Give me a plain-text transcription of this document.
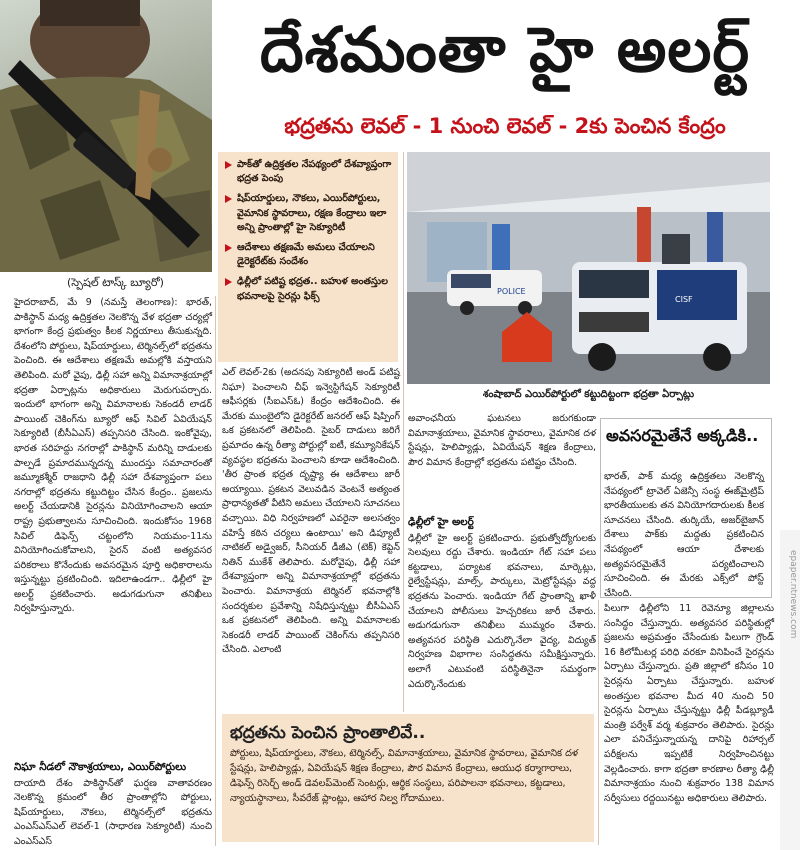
దేశమంతా హై అలర్ట్
భద్రతను లెవల్‌ - 1 నుంచి లెవల్‌ - 2కు పెంచిన కేంద్రం
(స్పెషల్‌ టాస్క్‌ బ్యూరో)
పాక్‌తో ఉద్రిక్తతల నేపథ్యంలో దేశవ్యాప్తంగా భద్రత పెంపు
షిప్‌యార్డులు, నౌకలు, ఎయిర్‌పోర్టులు, వైమానిక స్థావరాలు, రక్షణ కేంద్రాలు ఇలా అన్ని ప్రాంతాల్లో హై సెక్యూరిటీ
ఆదేశాలు తక్షణమే అమలు చేయాలని డైరెక్టరేట్‌కు సందేశం
ఢిల్లీలో పటిష్ట భద్రత.. బహుళ అంతస్తుల భవనాలపై సైరన్లు ఫిక్స్‌	POLICE
CISF
శంషాబాద్‌ ఎయిర్‌పోర్టులో కట్టుదిట్టంగా భద్రతా ఏర్పాట్లు
హైదరాబాద్‌, మే 9 (నమస్తే తెలంగాణ): భారత్‌, పాకిస్థాన్‌ మధ్య ఉద్రిక్తతల నెలకొన్న వేళ భద్రతా చర్యల్లో భాగంగా కేంద్ర ప్రభుత్వం కీలక నిర్ణయాలు తీసుకున్నది. దేశంలోని పోర్టులు, షిప్‌యార్డులు, టెర్మినల్స్‌లో భద్రతను పెంచింది. ఈ ఆదేశాలు తక్షణమే అమల్లోకి వస్తాయని తెలిపింది. మరో వైపు, ఢిల్లీ సహా అన్ని విమానాశ్రయాల్లో భద్రతా ఏర్పాట్లను అధికారులు మెరుగుపర్చారు. ఇందులో భాగంగా అన్ని విమానాలకు సెకండరీ లాడర్‌ పాయింట్‌ చెకింగ్‌ను బ్యూరో ఆఫ్‌ సివిల్‌ ఏవియేషన్‌ సెక్యూరిటీ (బీసీఏఎస్‌) తప్పనిసరి చేసింది. ఇంకోవైపు, భారత సరిహద్దు నగరాల్లో పాకిస్థాన్‌ మరిన్ని దాడులకు పాల్పడే ప్రమాదమున్నదన్న ముందస్తు సమాచారంతో జమ్మూకశ్మీర్‌ రాజధాని ఢిల్లీ సహా దేశవ్యాప్తంగా పలు నగరాల్లో భద్రతను కట్టుదిట్టం చేసిన కేంద్రం.. ప్రజలను అలర్ట్‌ చేయడానికి సైరన్లను వినియోగించాలని ఆయా రాష్ట్ర ప్రభుత్వాలను సూచించింది. ఇందుకోసం 1968 సివిల్‌ డిఫెన్స్‌ చట్టంలోని నియమం-11ను వినియోగించుకోవాలని, సైరన్‌ వంటి అత్యవసర పరికరాలు కొనేందుకు అవసరమైన పూర్తి అధికారాలను ఇస్తున్నట్టు ప్రకటించింది. ఇదిలాఉండగా.. ఢిల్లీలో హై అలర్ట్‌ ప్రకటించారు. అడుగడుగునా తనిఖీలు నిర్వహిస్తున్నారు.
నిఘా నీడలో నౌకాశ్రయాలు, ఎయిర్‌పోర్టులు
దాయాది దేశం పాకిస్థాన్‌తో ఘర్షణ వాతావరణం నెలకొన్న క్రమంలో తీర ప్రాంతాల్లోని పోర్టులు, షిప్‌యార్డులు, నౌకలు, టెర్మినల్స్‌లో భద్రతను ఎంఎస్‌ఎస్‌ఎల్‌ లెవల్‌-1 (సాధారణ సెక్యూరిటీ) నుంచి ఎంఎస్‌ఎస్‌
ఎల్‌ లెవల్‌-2కు (అదనపు సెక్యూరిటీ అండ్‌ పటిష్ట నిఘా) పెంచాలని చీఫ్‌ ఇన్వెస్టిగేషన్‌ సెక్యూరిటీ ఆఫీసర్లకు (సీఐఎస్‌ఓ) కేంద్రం ఆదేశించింది. ఈ మేరకు ముంబైలోని డైరెక్టరేట్‌ జనరల్‌ ఆఫ్‌ షిప్పింగ్‌ ఒక ప్రకటనలో తెలిపింది. సైబర్‌ దాడులు జరిగే ప్రమాదం ఉన్న రీత్యా పోర్టుల్లో ఐటీ, కమ్యూనికేషన్‌ వ్యవస్థల భద్రతను పెంచాలని కూడా ఆదేశించింది. 'తీర ప్రాంత భద్రత దృష్ట్యా ఈ ఆదేశాలు జారీ అయ్యాయి. ప్రకటన వెలువడిన వెంటనే అత్యంత ప్రాధాన్యతతో వీటిని అమలు చేయాలని సూచనలు వచ్చాయి. విధి నిర్వహణలో ఎవరైనా అలసత్వం వహిస్తే కఠిన చర్యలు ఉంటాయి' అని డిప్యూటీ నాటికల్‌ అడ్వైజర్‌, సీనియర్‌ డీజీఎ (టెక్‌) కెప్టెన్‌ నితిన్‌ ముకేశ్‌ తెలిపారు. మరోవైపు, ఢిల్లీ సహా దేశవ్యాప్తంగా అన్ని విమానాశ్రయాల్లో భద్రతను పెంచారు. విమానాశ్రయ టెర్మినల్‌ భవనాల్లోకి సందర్శకుల ప్రవేశాన్ని నిషేధిస్తున్నట్టు బీసీఏఎస్‌ ఒక ప్రకటనలో తెలిపింది. అన్ని విమానాలకు సెకండరీ లాడర్‌ పాయింట్‌ చెకింగ్‌ను తప్పనిసరి చేసింది. ఎలాంటి
అవాంఛనీయ ఘటనలు జరుగకుండా విమానాశ్రయాలు, వైమానిక స్థావరాలు, వైమానిక దళ స్టేషన్లు, హెలిప్యాడ్లు, ఏవియేషన్‌ శిక్షణ కేంద్రాలు, పౌర విమాన కేంద్రాల్లో భద్రతను పటిష్టం చేసింది.
ఢిల్లీలో హై అలర్ట్‌
ఢిల్లీలో హై అలర్ట్‌ ప్రకటించారు. ప్రభుత్వోద్యోగులకు సెలవులు రద్దు చేశారు. ఇండియా గేట్‌ సహా పలు కట్టడాలు, పర్యాటక భవనాలు, మార్కెట్లు, రైల్వేస్టేషన్లు, మాల్స్‌, పార్కులు, మెట్రోస్టేషన్లు వద్ద భద్రతను పెంచారు. ఇండియా గేట్‌ ప్రాంతాన్ని ఖాళీ చేయాలని పోలీసులు హెచ్చరికలు జారీ చేశారు. అడుగడుగునా తనిఖీలు ముమ్మరం చేశారు. అత్యవసర పరిస్థితి ఎదుర్కొనేలా వైద్య, విద్యుత్‌ నిర్వహణ విభాగాల సంసిద్ధతను సమీక్షిస్తున్నారు. అలాగే ఎటువంటి పరిస్థితినైనా సమర్థంగా ఎదుర్కొనేందుకు
అవసరమైతేనే అక్కడికి..
భారత్‌, పాక్‌ మధ్య ఉద్రిక్తతలు నెలకొన్న నేపథ్యంలో ట్రావెల్‌ ఏజెన్సీ సంస్థ ఈజ్‌మైట్రిప్‌ భారతీయులకు తన వినియోగదారులకు కీలక సూచనలు చేసింది. తుర్కియే, అజర్‌బైజాన్‌ దేశాలు పాక్‌కు మద్దతు ప్రకటించిన నేపథ్యంలో ఆయా దేశాలకు అత్యవసరమైతేనే పర్యటించాలని సూచించింది. ఈ మేరకు ఎక్స్‌లో పోస్ట్‌ చేసింది.
పిలుగా ఢిల్లీలోని 11 రెవెన్యూ జిల్లాలను సంసిద్ధం చేస్తున్నారు. అత్యవసర పరిస్థితుల్లో ప్రజలను అప్రమత్తం చేసేందుకు పిలుగా గ్రౌండ్‌ 16 కిలోమీటర్ల పరిధి వరకూ వినిపించే సైరన్లను ఏర్పాటు చేస్తున్నారు. ప్రతి జిల్లాలో కనీసం 10 సైరన్లను ఏర్పాటు చేస్తున్నారు. బహుళ అంతస్తుల భవనాల మీద 40 నుంచి 50 సైరన్లను ఏర్పాటు చేస్తున్నట్టు ఢిల్లీ పీడబ్ల్యూడీ మంత్రి పర్వేశ్‌ వర్మ శుక్రవారం తెలిపారు. సైరన్లు ఎలా పనిచేస్తున్నాయన్న దానిపై రిహార్సల్‌ పరీక్షలను ఇప్పటికే నిర్వహించినట్టు వెల్లడించారు. కాగా భద్రతా కారణాల రీత్యా ఢిల్లీ విమానాశ్రయం నుంచి శుక్రవారం 138 విమాన సర్వీసులు రద్దయినట్టు అధికారులు తెలిపారు.
భద్రతను పెంచిన ప్రాంతాలివే..
పోర్టులు, షిప్‌యార్డులు, నౌకలు, టెర్మినల్స్‌, విమానాశ్రయాలు, వైమానిక స్థావరాలు, వైమానిక దళ స్టేషన్లు, హెలిప్యాడ్లు, ఏవియేషన్‌ శిక్షణ కేంద్రాలు, పౌర విమాన కేంద్రాలు, ఆయుధ కర్మాగారాలు, డిఫెన్స్‌ రిసెర్చ్‌ అండ్‌ డెవలప్‌మెంట్‌ సెంటర్లు, ఆర్థిక సంస్థలు, పరిపాలనా భవనాలు, కట్టడాలు, న్యాయస్థానాలు, సీవరేజ్‌ ప్లాంట్లు, ఆహార నిల్వ గోదాములు.
epaper.ntnews.com
